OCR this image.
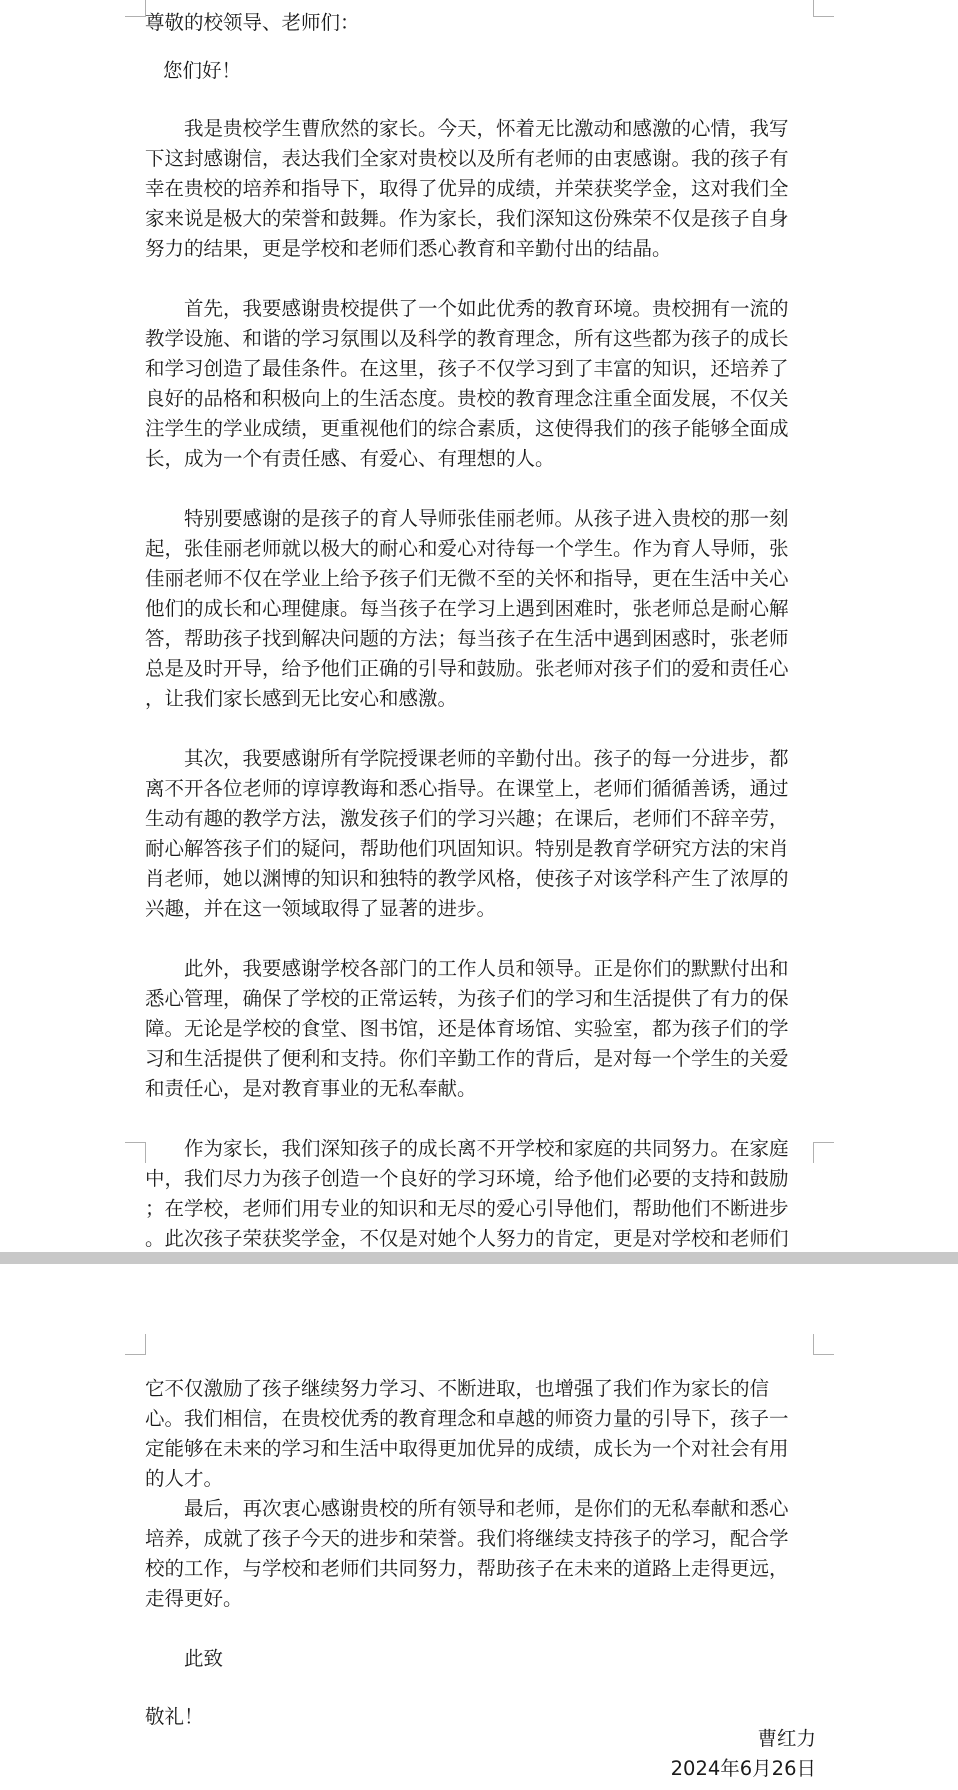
尊敬的校领导、老师们：
您们好！
我是贵校学生曹欣然的家长。今天，怀着无比激动和感激的心情，我写
下这封感谢信，表达我们全家对贵校以及所有老师的由衷感谢。我的孩子有
幸在贵校的培养和指导下，取得了优异的成绩，并荣获奖学金，这对我们全
家来说是极大的荣誉和鼓舞。作为家长，我们深知这份殊荣不仅是孩子自身
努力的结果，更是学校和老师们悉心教育和辛勤付出的结晶。
首先，我要感谢贵校提供了一个如此优秀的教育环境。贵校拥有一流的
教学设施、和谐的学习氛围以及科学的教育理念，所有这些都为孩子的成长
和学习创造了最佳条件。在这里，孩子不仅学习到了丰富的知识，还培养了
良好的品格和积极向上的生活态度。贵校的教育理念注重全面发展，不仅关
注学生的学业成绩，更重视他们的综合素质，这使得我们的孩子能够全面成
长，成为一个有责任感、有爱心、有理想的人。
特别要感谢的是孩子的育人导师张佳丽老师。从孩子进入贵校的那一刻
起，张佳丽老师就以极大的耐心和爱心对待每一个学生。作为育人导师，张
佳丽老师不仅在学业上给予孩子们无微不至的关怀和指导，更在生活中关心
他们的成长和心理健康。每当孩子在学习上遇到困难时，张老师总是耐心解
答，帮助孩子找到解决问题的方法；每当孩子在生活中遇到困惑时，张老师
总是及时开导，给予他们正确的引导和鼓励。张老师对孩子们的爱和责任心
，让我们家长感到无比安心和感激。
其次，我要感谢所有学院授课老师的辛勤付出。孩子的每一分进步，都
离不开各位老师的谆谆教诲和悉心指导。在课堂上，老师们循循善诱，通过
生动有趣的教学方法，激发孩子们的学习兴趣；在课后，老师们不辞辛劳，
耐心解答孩子们的疑问，帮助他们巩固知识。特别是教育学研究方法的宋肖
肖老师，她以渊博的知识和独特的教学风格，使孩子对该学科产生了浓厚的
兴趣，并在这一领域取得了显著的进步。
此外，我要感谢学校各部门的工作人员和领导。正是你们的默默付出和
悉心管理，确保了学校的正常运转，为孩子们的学习和生活提供了有力的保
障。无论是学校的食堂、图书馆，还是体育场馆、实验室，都为孩子们的学
习和生活提供了便利和支持。你们辛勤工作的背后，是对每一个学生的关爱
和责任心，是对教育事业的无私奉献。
作为家长，我们深知孩子的成长离不开学校和家庭的共同努力。在家庭
中，我们尽力为孩子创造一个良好的学习环境，给予他们必要的支持和鼓励
；在学校，老师们用专业的知识和无尽的爱心引导他们，帮助他们不断进步
。此次孩子荣获奖学金，不仅是对她个人努力的肯定，更是对学校和老师们
它不仅激励了孩子继续努力学习、不断进取，也增强了我们作为家长的信
心。我们相信，在贵校优秀的教育理念和卓越的师资力量的引导下，孩子一
定能够在未来的学习和生活中取得更加优异的成绩，成长为一个对社会有用
的人才。
最后，再次衷心感谢贵校的所有领导和老师，是你们的无私奉献和悉心
培养，成就了孩子今天的进步和荣誉。我们将继续支持孩子的学习，配合学
校的工作，与学校和老师们共同努力，帮助孩子在未来的道路上走得更远，
走得更好。
此致
敬礼！
曹红力
2024年6月26日
